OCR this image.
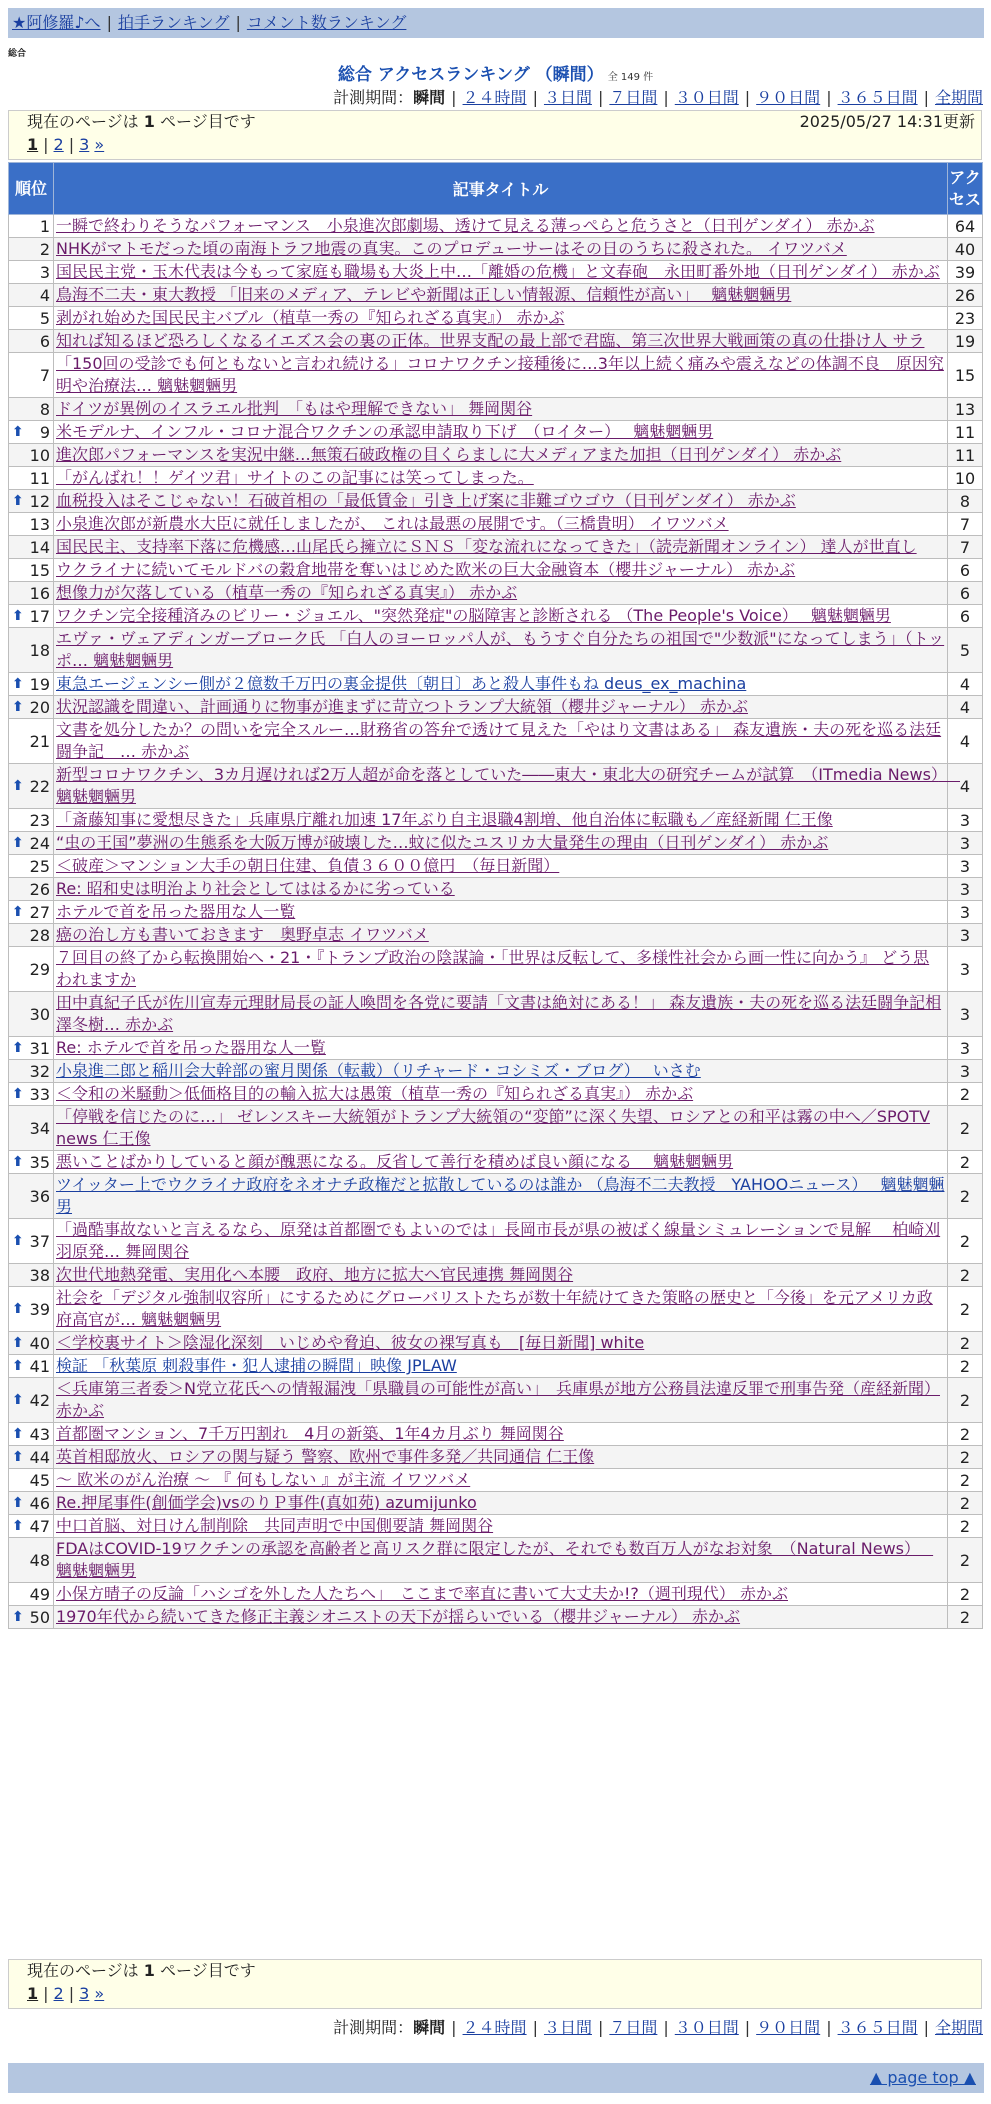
★阿修羅♪へ | 拍手ランキング | コメント数ランキング
総合
総合 アクセスランキング （瞬間） 全 149 件
計測期間：瞬間 | ２４時間 | ３日間 | ７日間 | ３０日間 | ９０日間 | ３６５日間 | 全期間
現在のページは 1 ページ目です	2025/05/27 14:31更新
1 | 2 | 3 »
順位	記事タイトル	アクセス
1	一瞬で終わりそうなパフォーマンス　小泉進次郎劇場、透けて見える薄っぺらと危うさと（日刊ゲンダイ） 赤かぶ	64
2	NHKがマトモだった頃の南海トラフ地震の真実。このプロデューサーはその日のうちに殺された。 イワツバメ	40
3	国民民主党・玉木代表は今もって家庭も職場も大炎上中…「離婚の危機」と文春砲　永田町番外地（日刊ゲンダイ） 赤かぶ	39
4	鳥海不二夫・東大教授 「旧来のメディア、テレビや新聞は正しい情報源、信頼性が高い」　 魑魅魍魎男	26
5	剥がれ始めた国民民主バブル（植草一秀の『知られざる真実』） 赤かぶ	23
6	知れば知るほど恐ろしくなるイエズス会の裏の正体。世界支配の最上部で君臨、第三次世界大戦画策の真の仕掛け人 サラ	19
7	「150回の受診でも何ともないと言われ続ける」コロナワクチン接種後に…3年以上続く痛みや震えなどの体調不良　原因究明や治療法… 魑魅魍魎男	15
8	ドイツが異例のイスラエル批判　「もはや理解できない」 舞岡関谷	13

⬆ 9	米モデルナ、インフル・コロナ混合ワクチンの承認申請取り下げ　（ロイター）　 魑魅魍魎男	11
10	進次郎パフォーマンスを実況中継…無策石破政権の目くらましに大メディアまた加担（日刊ゲンダイ） 赤かぶ	11
11	「がんばれ！！ゲイツ君」サイトのこの記事には笑ってしまった。	10

⬆ 12	血税投入はそこじゃない！石破首相の「最低賃金」引き上げ案に非難ゴウゴウ（日刊ゲンダイ） 赤かぶ	8
13	小泉進次郎が新農水大臣に就任しましたが、 これは最悪の展開です。（三橋貴明） イワツバメ	7
14	国民民主、支持率下落に危機感…山尾氏ら擁立にＳＮＳ「変な流れになってきた」（読売新聞オンライン） 達人が世直し	7
15	ウクライナに続いてモルドバの穀倉地帯を奪いはじめた欧米の巨大金融資本（櫻井ジャーナル） 赤かぶ	6
16	想像力が欠落している（植草一秀の『知られざる真実』） 赤かぶ	6

⬆ 17	ワクチン完全接種済みのビリー・ジョエル、"突然発症"の脳障害と診断される （The People's Voice）　 魑魅魍魎男	6
18	エヴァ・ヴェアディンガーブローク氏 「白人のヨーロッパ人が、もうすぐ自分たちの祖国で"少数派"になってしまう」（トッポ… 魑魅魍魎男	5

⬆ 19	東急エージェンシー側が２億数千万円の裏金提供〔朝日〕あと殺人事件もね deus_ex_machina	4

⬆ 20	状況認識を間違い、計画通りに物事が進まずに苛立つトランプ大統領（櫻井ジャーナル） 赤かぶ	4
21	文書を処分したか？の問いを完全スルー…財務省の答弁で透けて見えた「やはり文書はある」 森友遺族・夫の死を巡る法廷闘争記　… 赤かぶ	4

⬆ 22	新型コロナワクチン、3カ月遅ければ2万人超が命を落としていた――東大・東北大の研究チームが試算　（ITmedia News）　 魑魅魍魎男	4
23	「斎藤知事に愛想尽きた」兵庫県庁離れ加速 17年ぶり自主退職4割増、他自治体に転職も／産経新聞 仁王像	3

⬆ 24	“虫の王国”夢洲の生態系を大阪万博が破壊した…蚊に似たユスリカ大量発生の理由（日刊ゲンダイ） 赤かぶ	3
25	＜破産＞マンション大手の朝日住建、負債３６００億円　（毎日新聞）	3
26	Re: 昭和史は明治より社会としてははるかに劣っている	3

⬆ 27	ホテルで首を吊った器用な人一覧	3
28	癌の治し方も書いておきます　奥野卓志 イワツバメ	3
29	７回目の終了から転換開始へ・21・『トランプ政治の陰謀論・「世界は反転して、多様性社会から画一性に向かう』 どう思われますか	3
30	田中真紀子氏が佐川宣寿元理財局長の証人喚問を各党に要請「文書は絶対にある！」 森友遺族・夫の死を巡る法廷闘争記相澤冬樹… 赤かぶ	3

⬆ 31	Re: ホテルで首を吊った器用な人一覧	3
32	小泉進二郎と稲川会大幹部の蜜月関係（転載）（リチャード・コシミズ・ブログ）　 いさむ	3

⬆ 33	＜令和の米騒動＞低価格目的の輸入拡大は愚策（植草一秀の『知られざる真実』） 赤かぶ	2
34	「停戦を信じたのに…」 ゼレンスキー大統領がトランプ大統領の“変節”に深く失望、ロシアとの和平は霧の中へ／SPOTV news 仁王像	2

⬆ 35	悪いことばかりしていると顔が醜悪になる。反省して善行を積めば良い顔になる　 魑魅魍魎男	2
36	ツイッター上でウクライナ政府をネオナチ政権だと拡散しているのは誰か （鳥海不二夫教授　YAHOOニュース）　 魑魅魍魎男	2

⬆ 37	「過酷事故ないと言えるなら、原発は首都圏でもよいのでは」長岡市長が県の被ばく線量シミュレーションで見解　 柏崎刈羽原発… 舞岡関谷	2
38	次世代地熱発電、実用化へ本腰　政府、地方に拡大へ官民連携 舞岡関谷	2

⬆ 39	社会を「デジタル強制収容所」にするためにグローバリストたちが数十年続けてきた策略の歴史と「今後」を元アメリカ政府高官が… 魑魅魍魎男	2

⬆ 40	＜学校裏サイト＞陰湿化深刻　いじめや脅迫、彼女の裸写真も　[毎日新聞] white	2

⬆ 41	検証 「秋葉原 刺殺事件・犯人逮捕の瞬間」映像 JPLAW	2

⬆ 42	＜兵庫第三者委＞N党立花氏への情報漏洩「県職員の可能性が高い」　兵庫県が地方公務員法違反罪で刑事告発（産経新聞） 赤かぶ	2

⬆ 43	首都圏マンション、7千万円割れ　4月の新築、1年4カ月ぶり 舞岡関谷	2

⬆ 44	英首相邸放火、ロシアの関与疑う 警察、欧州で事件多発／共同通信 仁王像	2
45	～ 欧米のがん治療 ～ 『 何もしない 』が主流 イワツバメ	2

⬆ 46	Re.押尾事件(創価学会)vsのりＰ事件(真如苑) azumijunko	2

⬆ 47	中口首脳、対日けん制削除　共同声明で中国側要請 舞岡関谷	2
48	FDAはCOVID-19ワクチンの承認を高齢者と高リスク群に限定したが、それでも数百万人がなお対象　（Natural News）　 魑魅魍魎男	2
49	小保方晴子の反論「ハシゴを外した人たちへ」　ここまで率直に書いて大丈夫か!?（週刊現代） 赤かぶ	2

⬆ 50	1970年代から続いてきた修正主義シオニストの天下が揺らいでいる（櫻井ジャーナル） 赤かぶ	2
現在のページは 1 ページ目です
1 | 2 | 3 »
計測期間：瞬間 | ２４時間 | ３日間 | ７日間 | ３０日間 | ９０日間 | ３６５日間 | 全期間
▲ page top ▲
